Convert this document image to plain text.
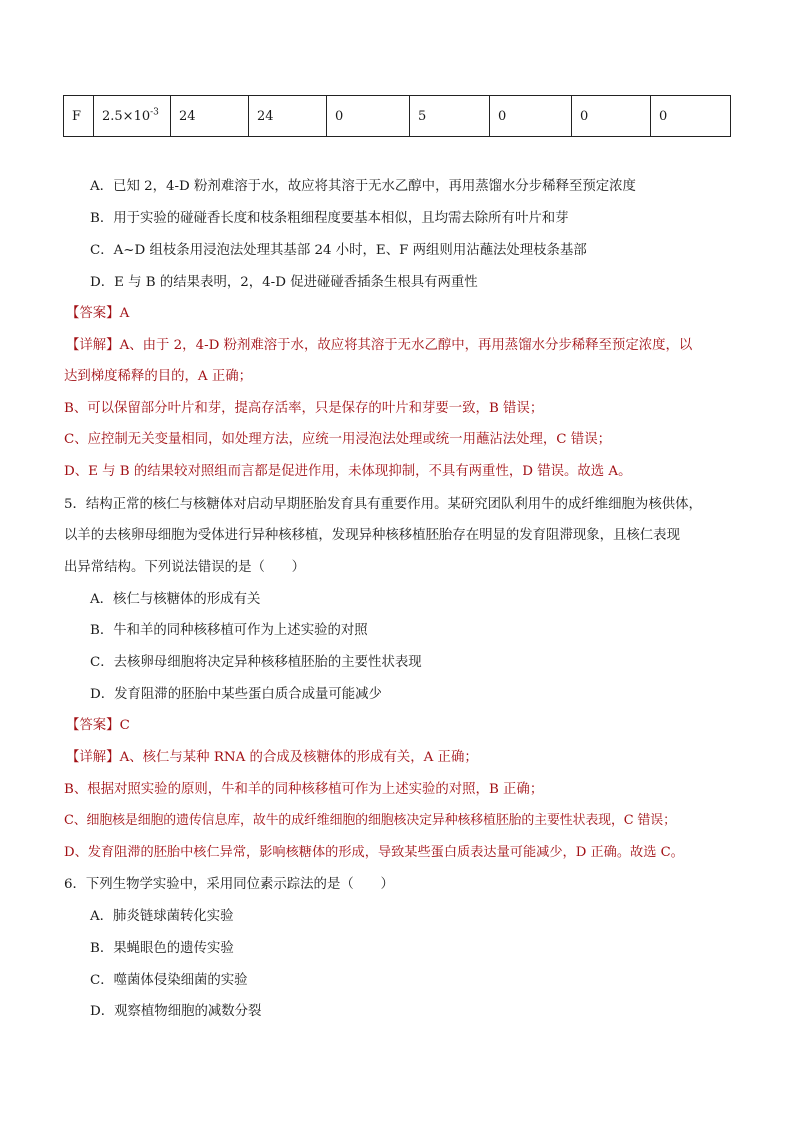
F	$2.5\times 10^{-3}$	24	24	0	5	0	0	0
A．已知 2，4-D 粉剂难溶于水，故应将其溶于无水乙醇中，再用蒸馏水分步稀释至预定浓度
B．用于实验的碰碰香长度和枝条粗细程度要基本相似，且均需去除所有叶片和芽
C．A~D 组枝条用浸泡法处理其基部 24 小时，E、F 两组则用沾蘸法处理枝条基部
D．E 与 B 的结果表明，2，4-D 促进碰碰香插条生根具有两重性
【答案】A
【详解】A、由于 2，4-D 粉剂难溶于水，故应将其溶于无水乙醇中，再用蒸馏水分步稀释至预定浓度，以
达到梯度稀释的目的，A 正确；
B、可以保留部分叶片和芽，提高存活率，只是保存的叶片和芽要一致，B 错误；
C、应控制无关变量相同，如处理方法，应统一用浸泡法处理或统一用蘸沾法处理，C 错误；
D、E 与 B 的结果较对照组而言都是促进作用，未体现抑制，不具有两重性，D 错误。故选 A。
5．结构正常的核仁与核糖体对启动早期胚胎发育具有重要作用。某研究团队利用牛的成纤维细胞为核供体，
以羊的去核卵母细胞为受体进行异种核移植，发现异种核移植胚胎存在明显的发育阻滞现象，且核仁表现
出异常结构。下列说法错误的是（　　）
A．核仁与核糖体的形成有关
B．牛和羊的同种核移植可作为上述实验的对照
C．去核卵母细胞将决定异种核移植胚胎的主要性状表现
D．发育阻滞的胚胎中某些蛋白质合成量可能减少
【答案】C
【详解】A、核仁与某种 RNA 的合成及核糖体的形成有关，A 正确；
B、根据对照实验的原则，牛和羊的同种核移植可作为上述实验的对照，B 正确；
C、细胞核是细胞的遗传信息库，故牛的成纤维细胞的细胞核决定异种核移植胚胎的主要性状表现，C 错误；
D、发育阻滞的胚胎中核仁异常，影响核糖体的形成，导致某些蛋白质表达量可能减少，D 正确。故选 C。
6．下列生物学实验中，采用同位素示踪法的是（　　）
A．肺炎链球菌转化实验
B．果蝇眼色的遗传实验
C．噬菌体侵染细菌的实验
D．观察植物细胞的减数分裂
